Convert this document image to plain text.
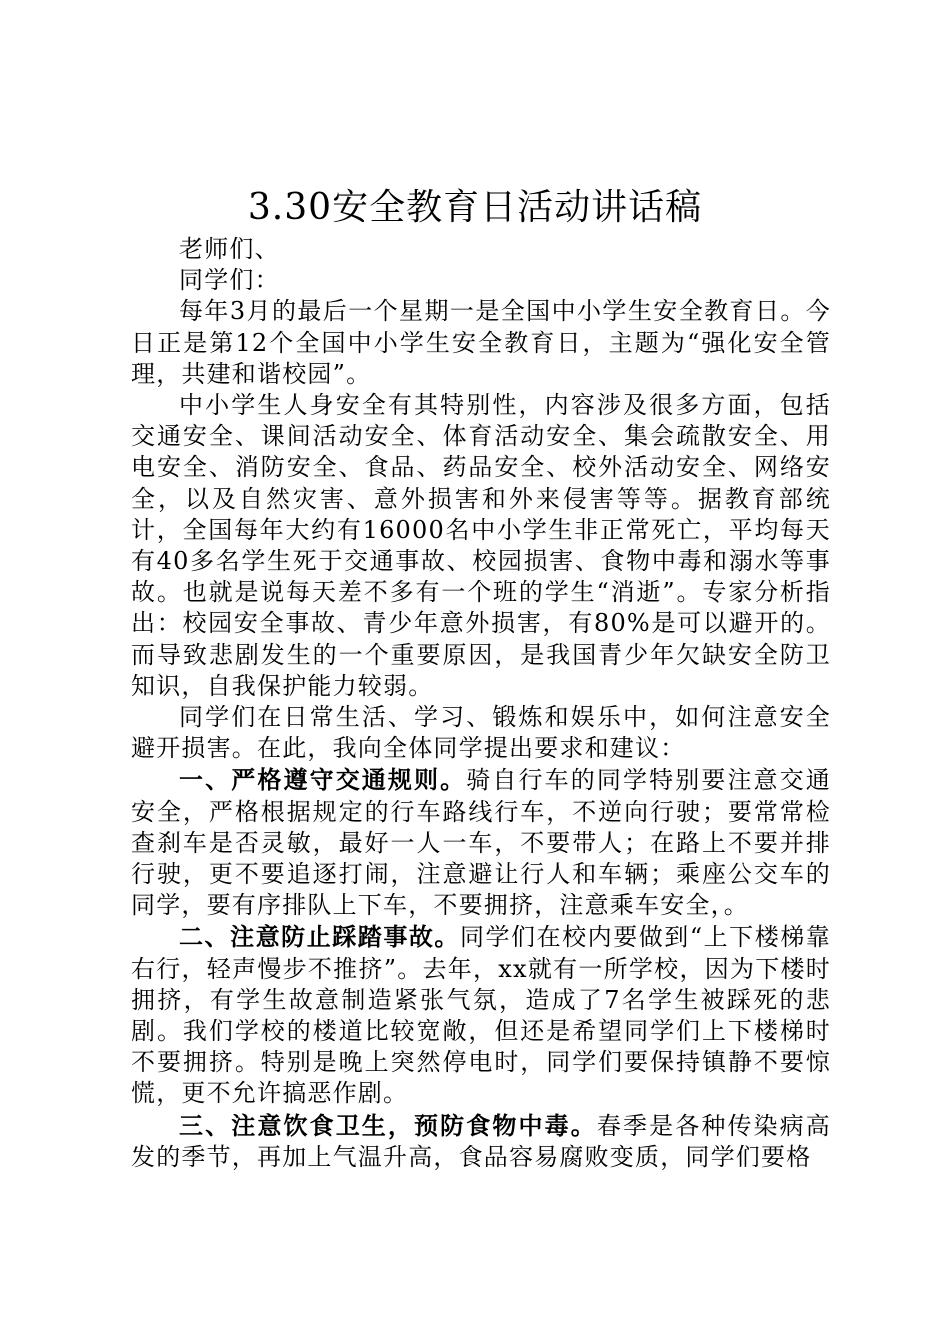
3.30安全教育日活动讲话稿

老师们、

同学们：

每年3月的最后一个星期一是全国中小学生安全教育日。今日正是第12个全国中小学生安全教育日，主题为“强化安全管理，共建和谐校园”。

中小学生人身安全有其特别性，内容涉及很多方面，包括交通安全、课间活动安全、体育活动安全、集会疏散安全、用电安全、消防安全、食品、药品安全、校外活动安全、网络安全，以及自然灾害、意外损害和外来侵害等等。据教育部统计，全国每年大约有16000名中小学生非正常死亡，平均每天有40多名学生死于交通事故、校园损害、食物中毒和溺水等事故。也就是说每天差不多有一个班的学生“消逝”。专家分析指出：校园安全事故、青少年意外损害，有80%是可以避开的。而导致悲剧发生的一个重要原因，是我国青少年欠缺安全防卫知识，自我保护能力较弱。

同学们在日常生活、学习、锻炼和娱乐中，如何注意安全避开损害。在此，我向全体同学提出要求和建议：

一、严格遵守交通规则。骑自行车的同学特别要注意交通安全，严格根据规定的行车路线行车，不逆向行驶；要常常检查刹车是否灵敏，最好一人一车，不要带人；在路上不要并排行驶，更不要追逐打闹，注意避让行人和车辆；乘座公交车的同学，要有序排队上下车，不要拥挤，注意乘车安全，。

二、注意防止踩踏事故。同学们在校内要做到“上下楼梯靠右行，轻声慢步不推挤”。去年，xx就有一所学校，因为下楼时拥挤，有学生故意制造紧张气氛，造成了7名学生被踩死的悲剧。我们学校的楼道比较宽敞，但还是希望同学们上下楼梯时不要拥挤。特别是晚上突然停电时，同学们要保持镇静不要惊慌，更不允许搞恶作剧。

三、注意饮食卫生，预防食物中毒。春季是各种传染病高发的季节，再加上气温升高，食品容易腐败变质，同学们要格
